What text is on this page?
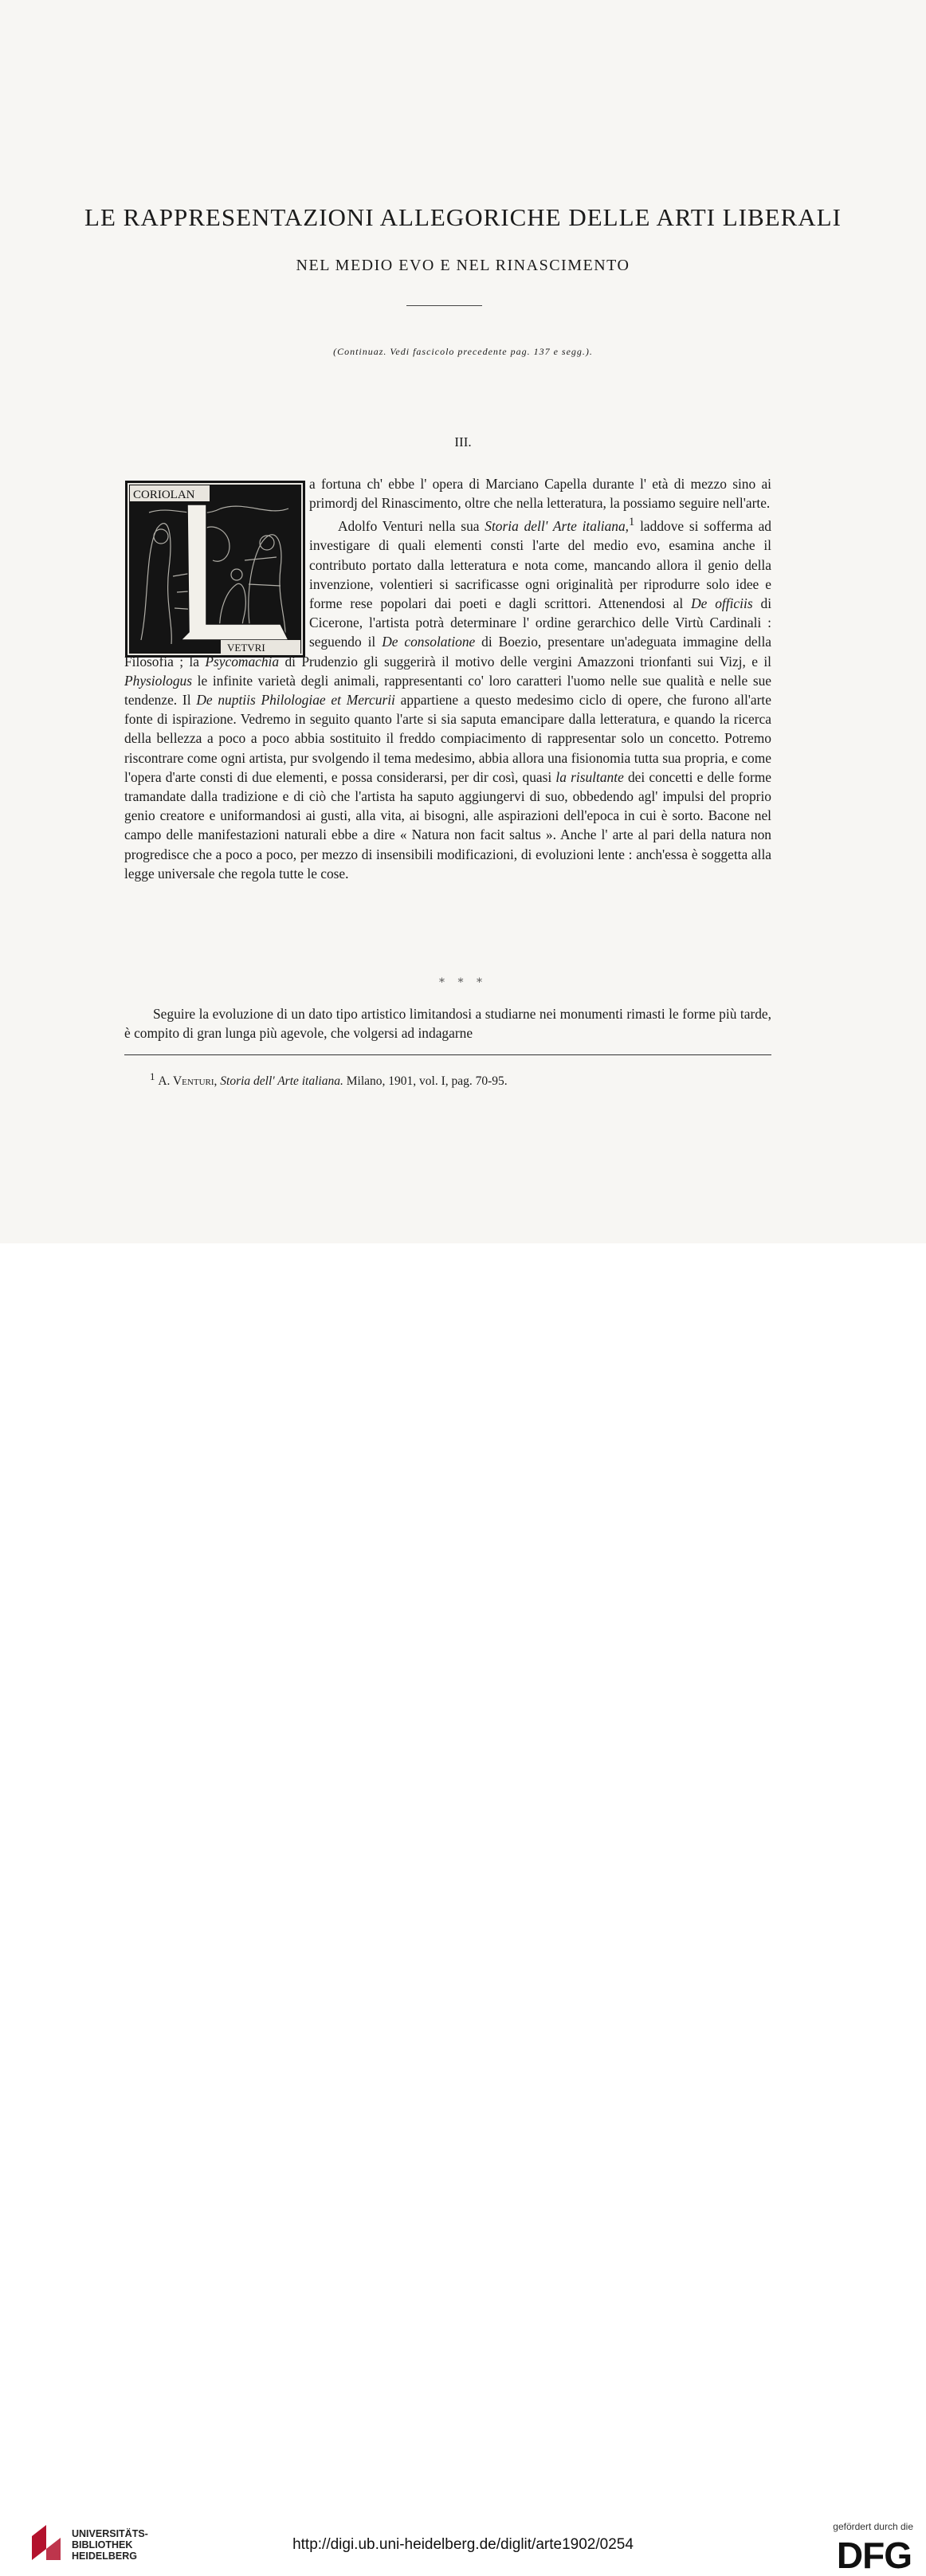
LE RAPPRESENTAZIONI ALLEGORICHE DELLE ARTI LIBERALI
NEL MEDIO EVO E NEL RINASCIMENTO
(Continuaz. Vedi fascicolo precedente pag. 137 e segg.).
III.
CORIOLAN
VETVRI

a fortuna ch' ebbe l' opera di Marciano Capella durante l' età di mezzo sino ai primordj del Rinascimento, oltre che nella letteratura, la possiamo seguire nell'arte.

Adolfo Venturi nella sua Storia dell' Arte italiana,$^1$ laddove si sofferma ad investigare di quali elementi consti l'arte del medio evo, esamina anche il contributo portato dalla letteratura e nota come, mancando allora il genio della invenzione, volentieri si sacrificasse ogni originalità per riprodurre solo idee e forme rese popolari dai poeti e dagli scrittori. Attenendosi al De officiis di Cicerone, l'artista potrà determinare l' ordine gerarchico delle Virtù Cardinali : seguendo il De consolatione di Boezio, presentare un'adeguata immagine della Filosofia ; la Psycomachia di Prudenzio gli suggerirà il motivo delle vergini Amazzoni trionfanti sui Vizj, e il Physiologus le infinite varietà degli animali, rappresentanti co' loro caratteri l'uomo nelle sue qualità e nelle sue tendenze. Il De nuptiis Philologiae et Mercurii appartiene a questo medesimo ciclo di opere, che furono all'arte fonte di ispirazione. Vedremo in seguito quanto l'arte si sia saputa emancipare dalla letteratura, e quando la ricerca della bellezza a poco a poco abbia sostituito il freddo compiacimento di rappresentar solo un concetto. Potremo riscontrare come ogni artista, pur svolgendo il tema medesimo, abbia allora una fisionomia tutta sua propria, e come l'opera d'arte consti di due elementi, e possa considerarsi, per dir così, quasi la risultante dei concetti e delle forme tramandate dalla tradizione e di ciò che l'artista ha saputo aggiungervi di suo, obbedendo agl' impulsi del proprio genio creatore e uniformandosi ai gusti, alla vita, ai bisogni, alle aspirazioni dell'epoca in cui è sorto. Bacone nel campo delle manifestazioni naturali ebbe a dire « Natura non facit saltus ». Anche l' arte al pari della natura non progredisce che a poco a poco, per mezzo di insensibili modificazioni, di evoluzioni lente : anch'essa è soggetta alla legge universale che regola tutte le cose.

* * *

Seguire la evoluzione di un dato tipo artistico limitandosi a studiarne nei monumenti rimasti le forme più tarde, è compito di gran lunga più agevole, che volgersi ad indagarne

$^1$ A. Venturi, Storia dell' Arte italiana. Milano, 1901, vol. I, pag. 70-95.
UNIVERSITÄTS-
BIBLIOTHEK
HEIDELBERG
http://digi.ub.uni-heidelberg.de/diglit/arte1902/0254
gefördert durch die
DFG
